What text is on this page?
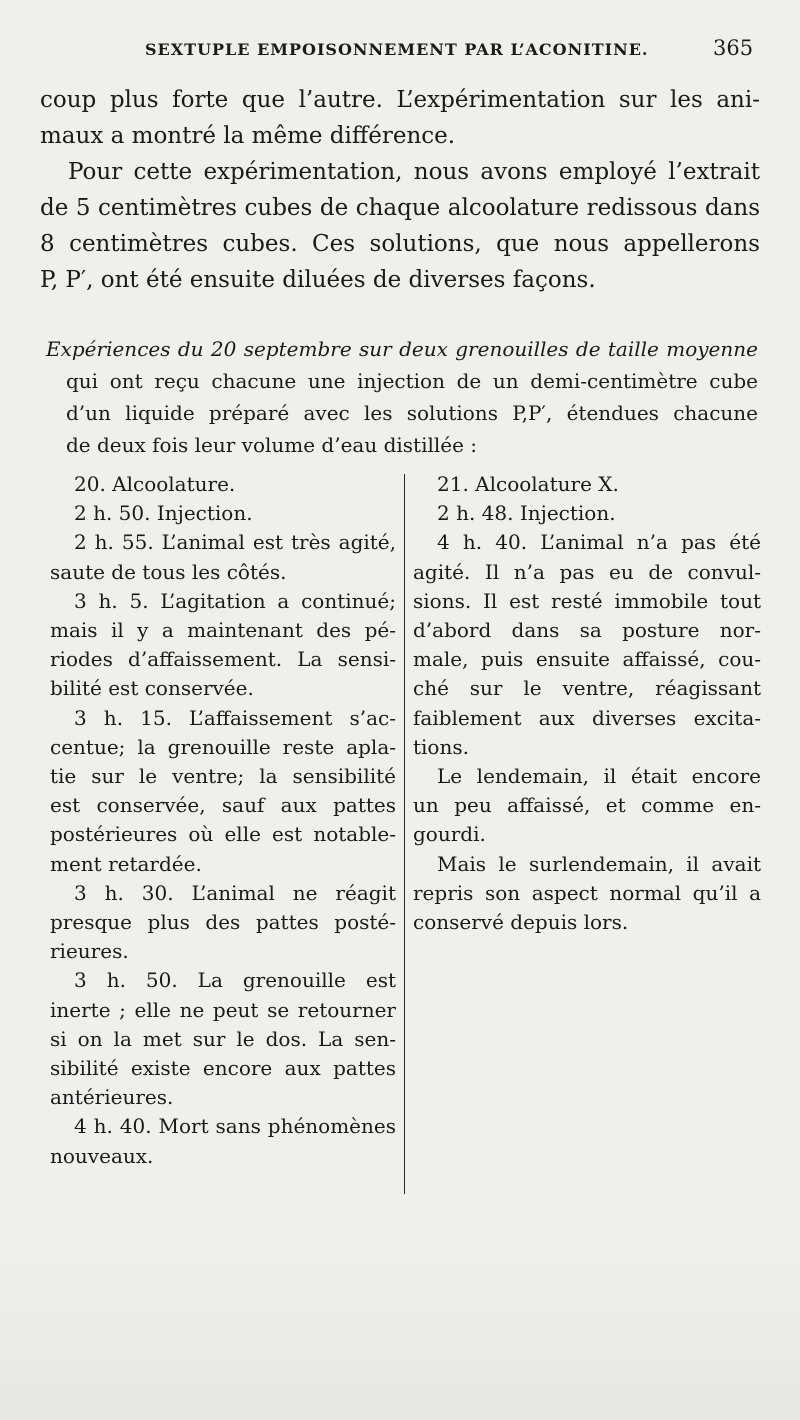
SEXTUPLE EMPOISONNEMENT PAR L’ACONITINE.	365
coup plus forte que l’autre. L’expérimentation sur les ani-
maux a montré la même différence.
Pour cette expérimentation, nous avons employé l’extrait
de 5 centimètres cubes de chaque alcoolature redissous dans
8 centimètres cubes. Ces solutions, que nous appellerons
P, P′, ont été ensuite diluées de diverses façons.
Expériences du 20 septembre sur deux grenouilles de taille moyenne
qui ont reçu chacune une injection de un demi-centimètre cube
d’un liquide préparé avec les solutions P,P′, étendues chacune
de deux fois leur volume d’eau distillée :
20. Alcoolature.
2 h. 50. Injection.
2 h. 55. L’animal est très agité,
saute de tous les côtés.
3 h. 5. L’agitation a continué;
mais il y a maintenant des pé-
riodes d’affaissement. La sensi-
bilité est conservée.
3 h. 15. L’affaissement s’ac-
centue; la grenouille reste apla-
tie sur le ventre; la sensibilité
est conservée, sauf aux pattes
postérieures où elle est notable-
ment retardée.
3 h. 30. L’animal ne réagit
presque plus des pattes posté-
rieures.
3 h. 50. La grenouille est
inerte ; elle ne peut se retourner
si on la met sur le dos. La sen-
sibilité existe encore aux pattes
antérieures.
4 h. 40. Mort sans phénomènes
nouveaux.
21. Alcoolature X.
2 h. 48. Injection.
4 h. 40. L’animal n’a pas été
agité. Il n’a pas eu de convul-
sions. Il est resté immobile tout
d’abord dans sa posture nor-
male, puis ensuite affaissé, cou-
ché sur le ventre, réagissant
faiblement aux diverses excita-
tions.
Le lendemain, il était encore
un peu affaissé, et comme en-
gourdi.
Mais le surlendemain, il avait
repris son aspect normal qu’il a
conservé depuis lors.
